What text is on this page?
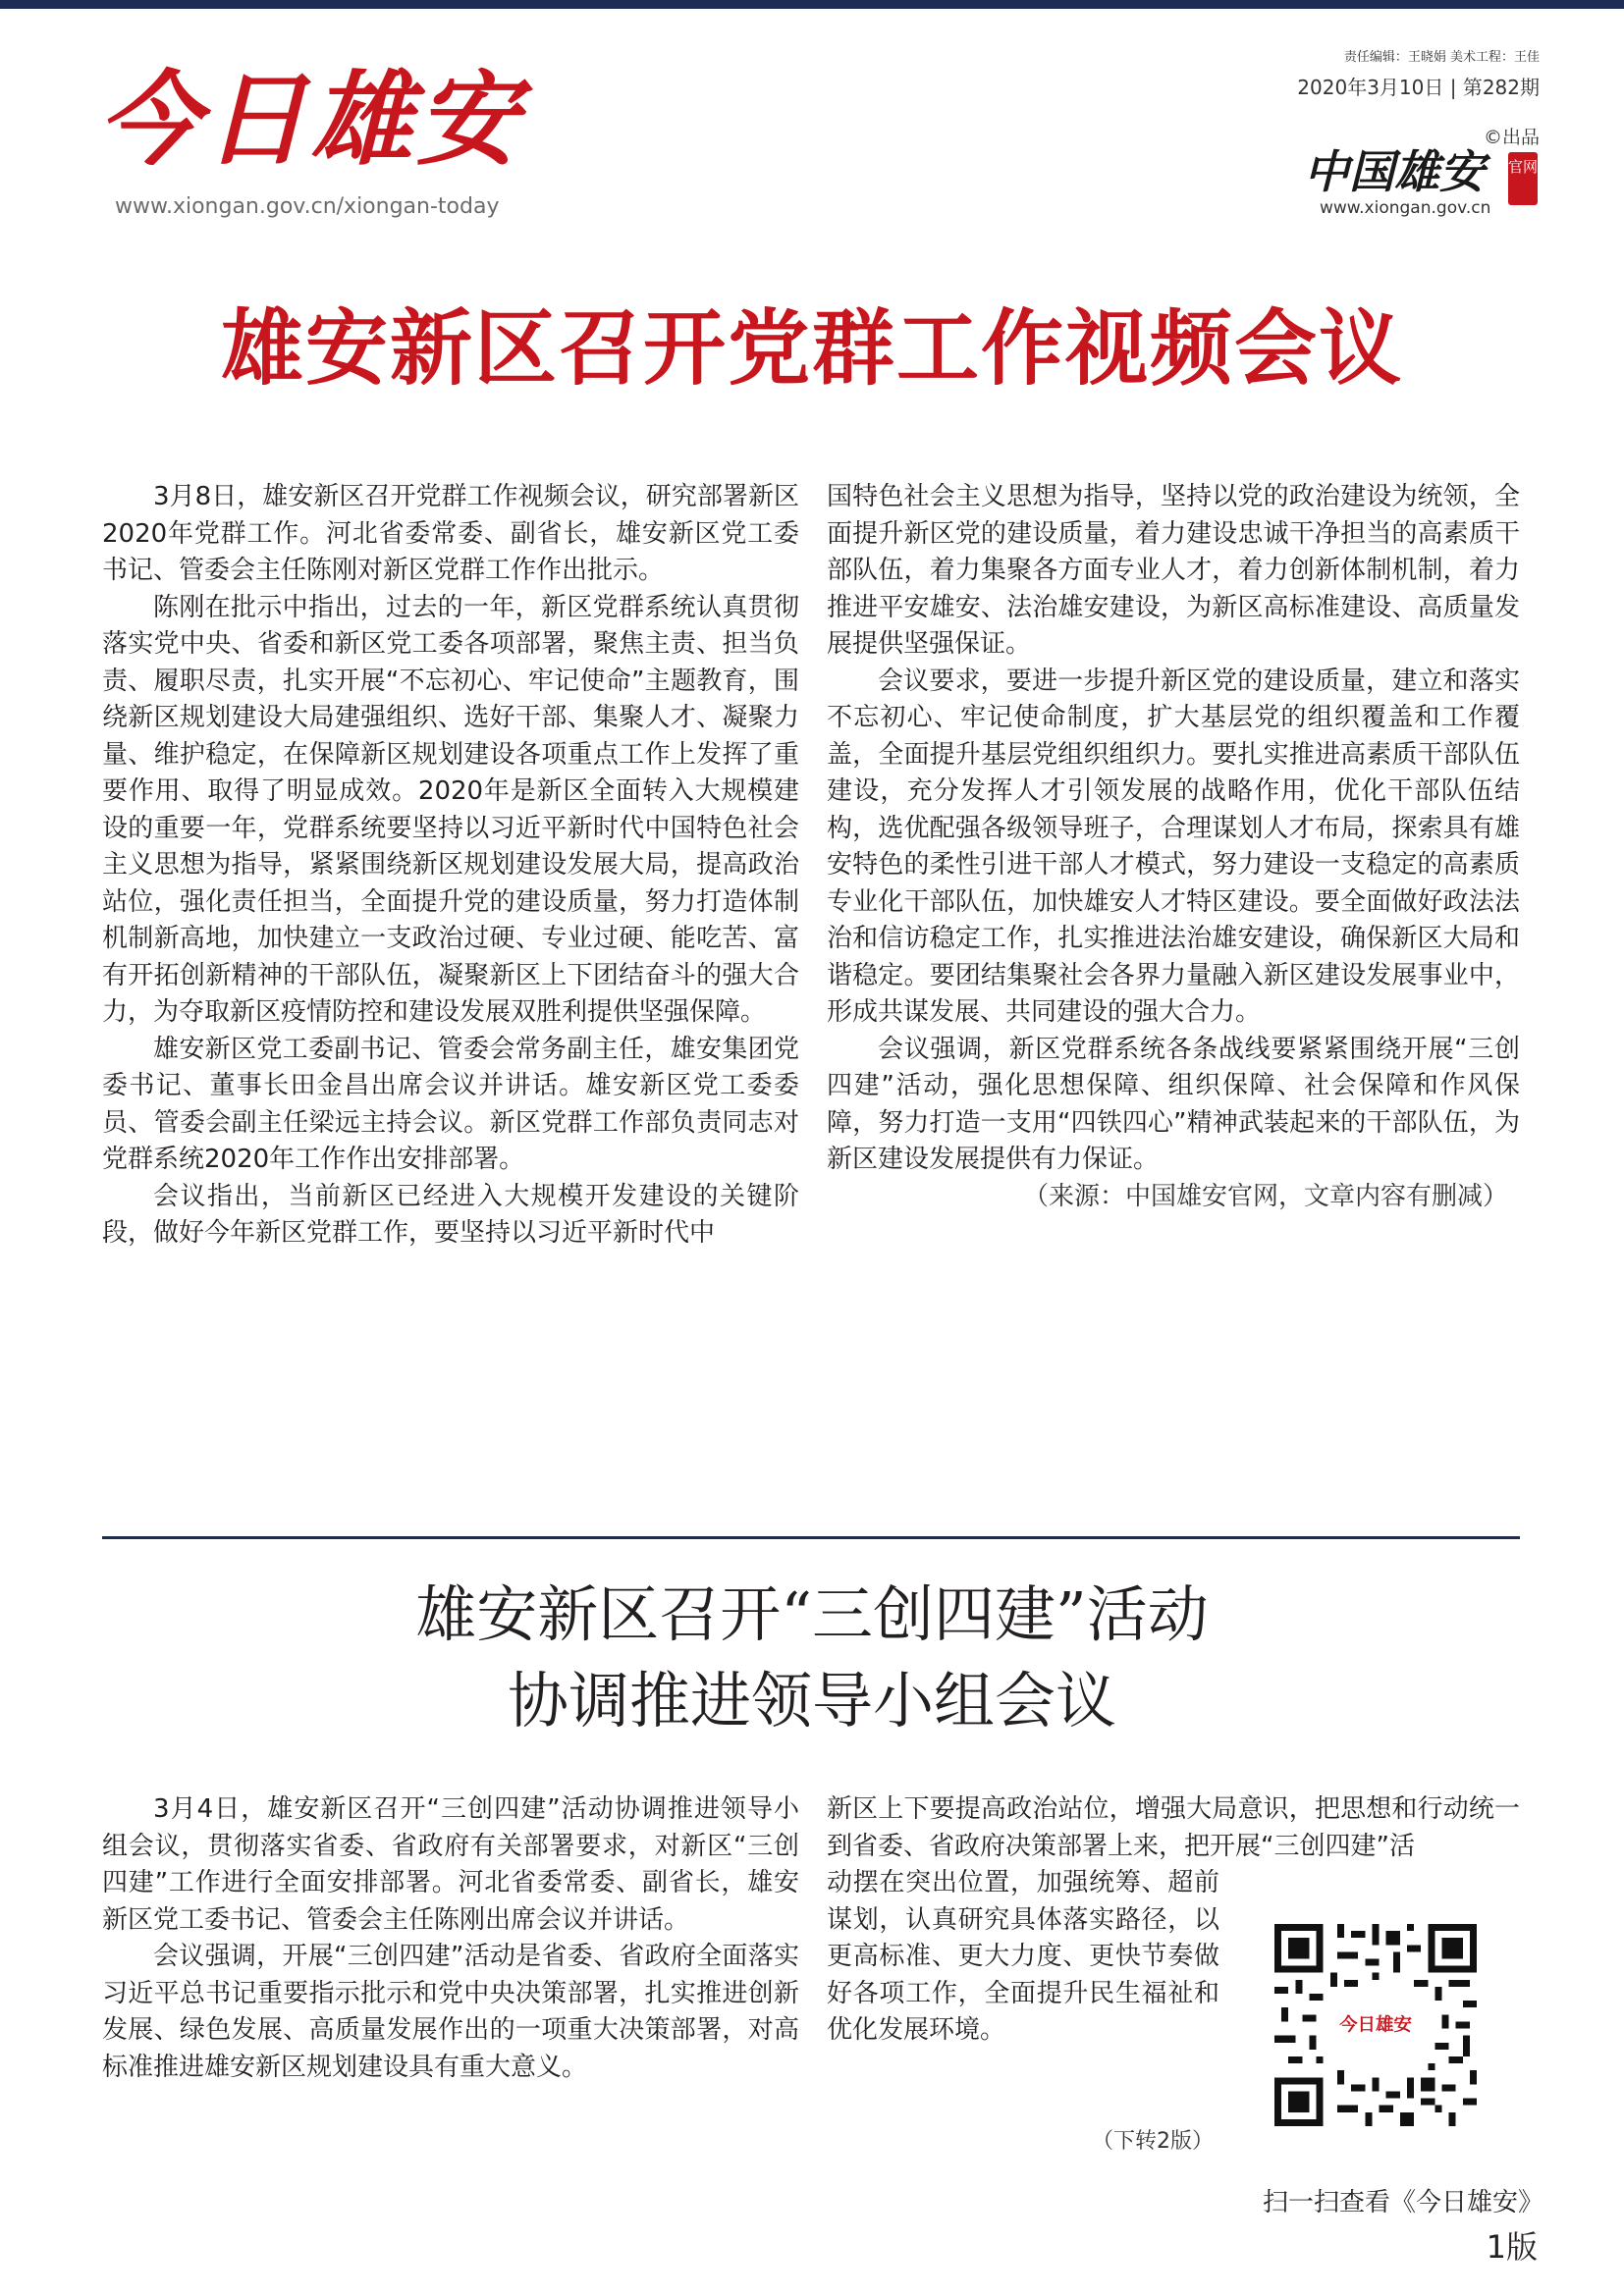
今日雄安
www.xiongan.gov.cn/xiongan-today
责任编辑：王晓娟 美术工程：王佳
2020年3月10日 | 第282期
©出品
中国雄安 官网
www.xiongan.gov.cn
雄安新区召开党群工作视频会议

3月8日，雄安新区召开党群工作视频会议，研究部署新区2020年党群工作。河北省委常委、副省长，雄安新区党工委书记、管委会主任陈刚对新区党群工作作出批示。

陈刚在批示中指出，过去的一年，新区党群系统认真贯彻落实党中央、省委和新区党工委各项部署，聚焦主责、担当负责、履职尽责，扎实开展“不忘初心、牢记使命”主题教育，围绕新区规划建设大局建强组织、选好干部、集聚人才、凝聚力量、维护稳定，在保障新区规划建设各项重点工作上发挥了重要作用、取得了明显成效。2020年是新区全面转入大规模建设的重要一年，党群系统要坚持以习近平新时代中国特色社会主义思想为指导，紧紧围绕新区规划建设发展大局，提高政治站位，强化责任担当，全面提升党的建设质量，努力打造体制机制新高地，加快建立一支政治过硬、专业过硬、能吃苦、富有开拓创新精神的干部队伍，凝聚新区上下团结奋斗的强大合力，为夺取新区疫情防控和建设发展双胜利提供坚强保障。

雄安新区党工委副书记、管委会常务副主任，雄安集团党委书记、董事长田金昌出席会议并讲话。雄安新区党工委委员、管委会副主任梁远主持会议。新区党群工作部负责同志对党群系统2020年工作作出安排部署。

会议指出，当前新区已经进入大规模开发建设的关键阶段，做好今年新区党群工作，要坚持以习近平新时代中

国特色社会主义思想为指导，坚持以党的政治建设为统领，全面提升新区党的建设质量，着力建设忠诚干净担当的高素质干部队伍，着力集聚各方面专业人才，着力创新体制机制，着力推进平安雄安、法治雄安建设，为新区高标准建设、高质量发展提供坚强保证。

会议要求，要进一步提升新区党的建设质量，建立和落实不忘初心、牢记使命制度，扩大基层党的组织覆盖和工作覆盖，全面提升基层党组织组织力。要扎实推进高素质干部队伍建设，充分发挥人才引领发展的战略作用，优化干部队伍结构，选优配强各级领导班子，合理谋划人才布局，探索具有雄安特色的柔性引进干部人才模式，努力建设一支稳定的高素质专业化干部队伍，加快雄安人才特区建设。要全面做好政法法治和信访稳定工作，扎实推进法治雄安建设，确保新区大局和谐稳定。要团结集聚社会各界力量融入新区建设发展事业中，形成共谋发展、共同建设的强大合力。

会议强调，新区党群系统各条战线要紧紧围绕开展“三创四建”活动，强化思想保障、组织保障、社会保障和作风保障，努力打造一支用“四铁四心”精神武装起来的干部队伍，为新区建设发展提供有力保证。

（来源：中国雄安官网，文章内容有删减）

雄安新区召开“三创四建”活动
协调推进领导小组会议

3月4日，雄安新区召开“三创四建”活动协调推进领导小组会议，贯彻落实省委、省政府有关部署要求，对新区“三创四建”工作进行全面安排部署。河北省委常委、副省长，雄安新区党工委书记、管委会主任陈刚出席会议并讲话。

会议强调，开展“三创四建”活动是省委、省政府全面落实习近平总书记重要指示批示和党中央决策部署，扎实推进创新发展、绿色发展、高质量发展作出的一项重大决策部署，对高标准推进雄安新区规划建设具有重大意义。

新区上下要提高政治站位，增强大局意识，把思想和行动统一到省委、省政府决策部署上来，把开展“三创四建”活

动摆在突出位置，加强统筹、超前谋划，认真研究具体落实路径，以更高标准、更大力度、更快节奏做好各项工作，全面提升民生福祉和优化发展环境。

（下转2版）
今日雄安
扫一扫查看《今日雄安》
1版
